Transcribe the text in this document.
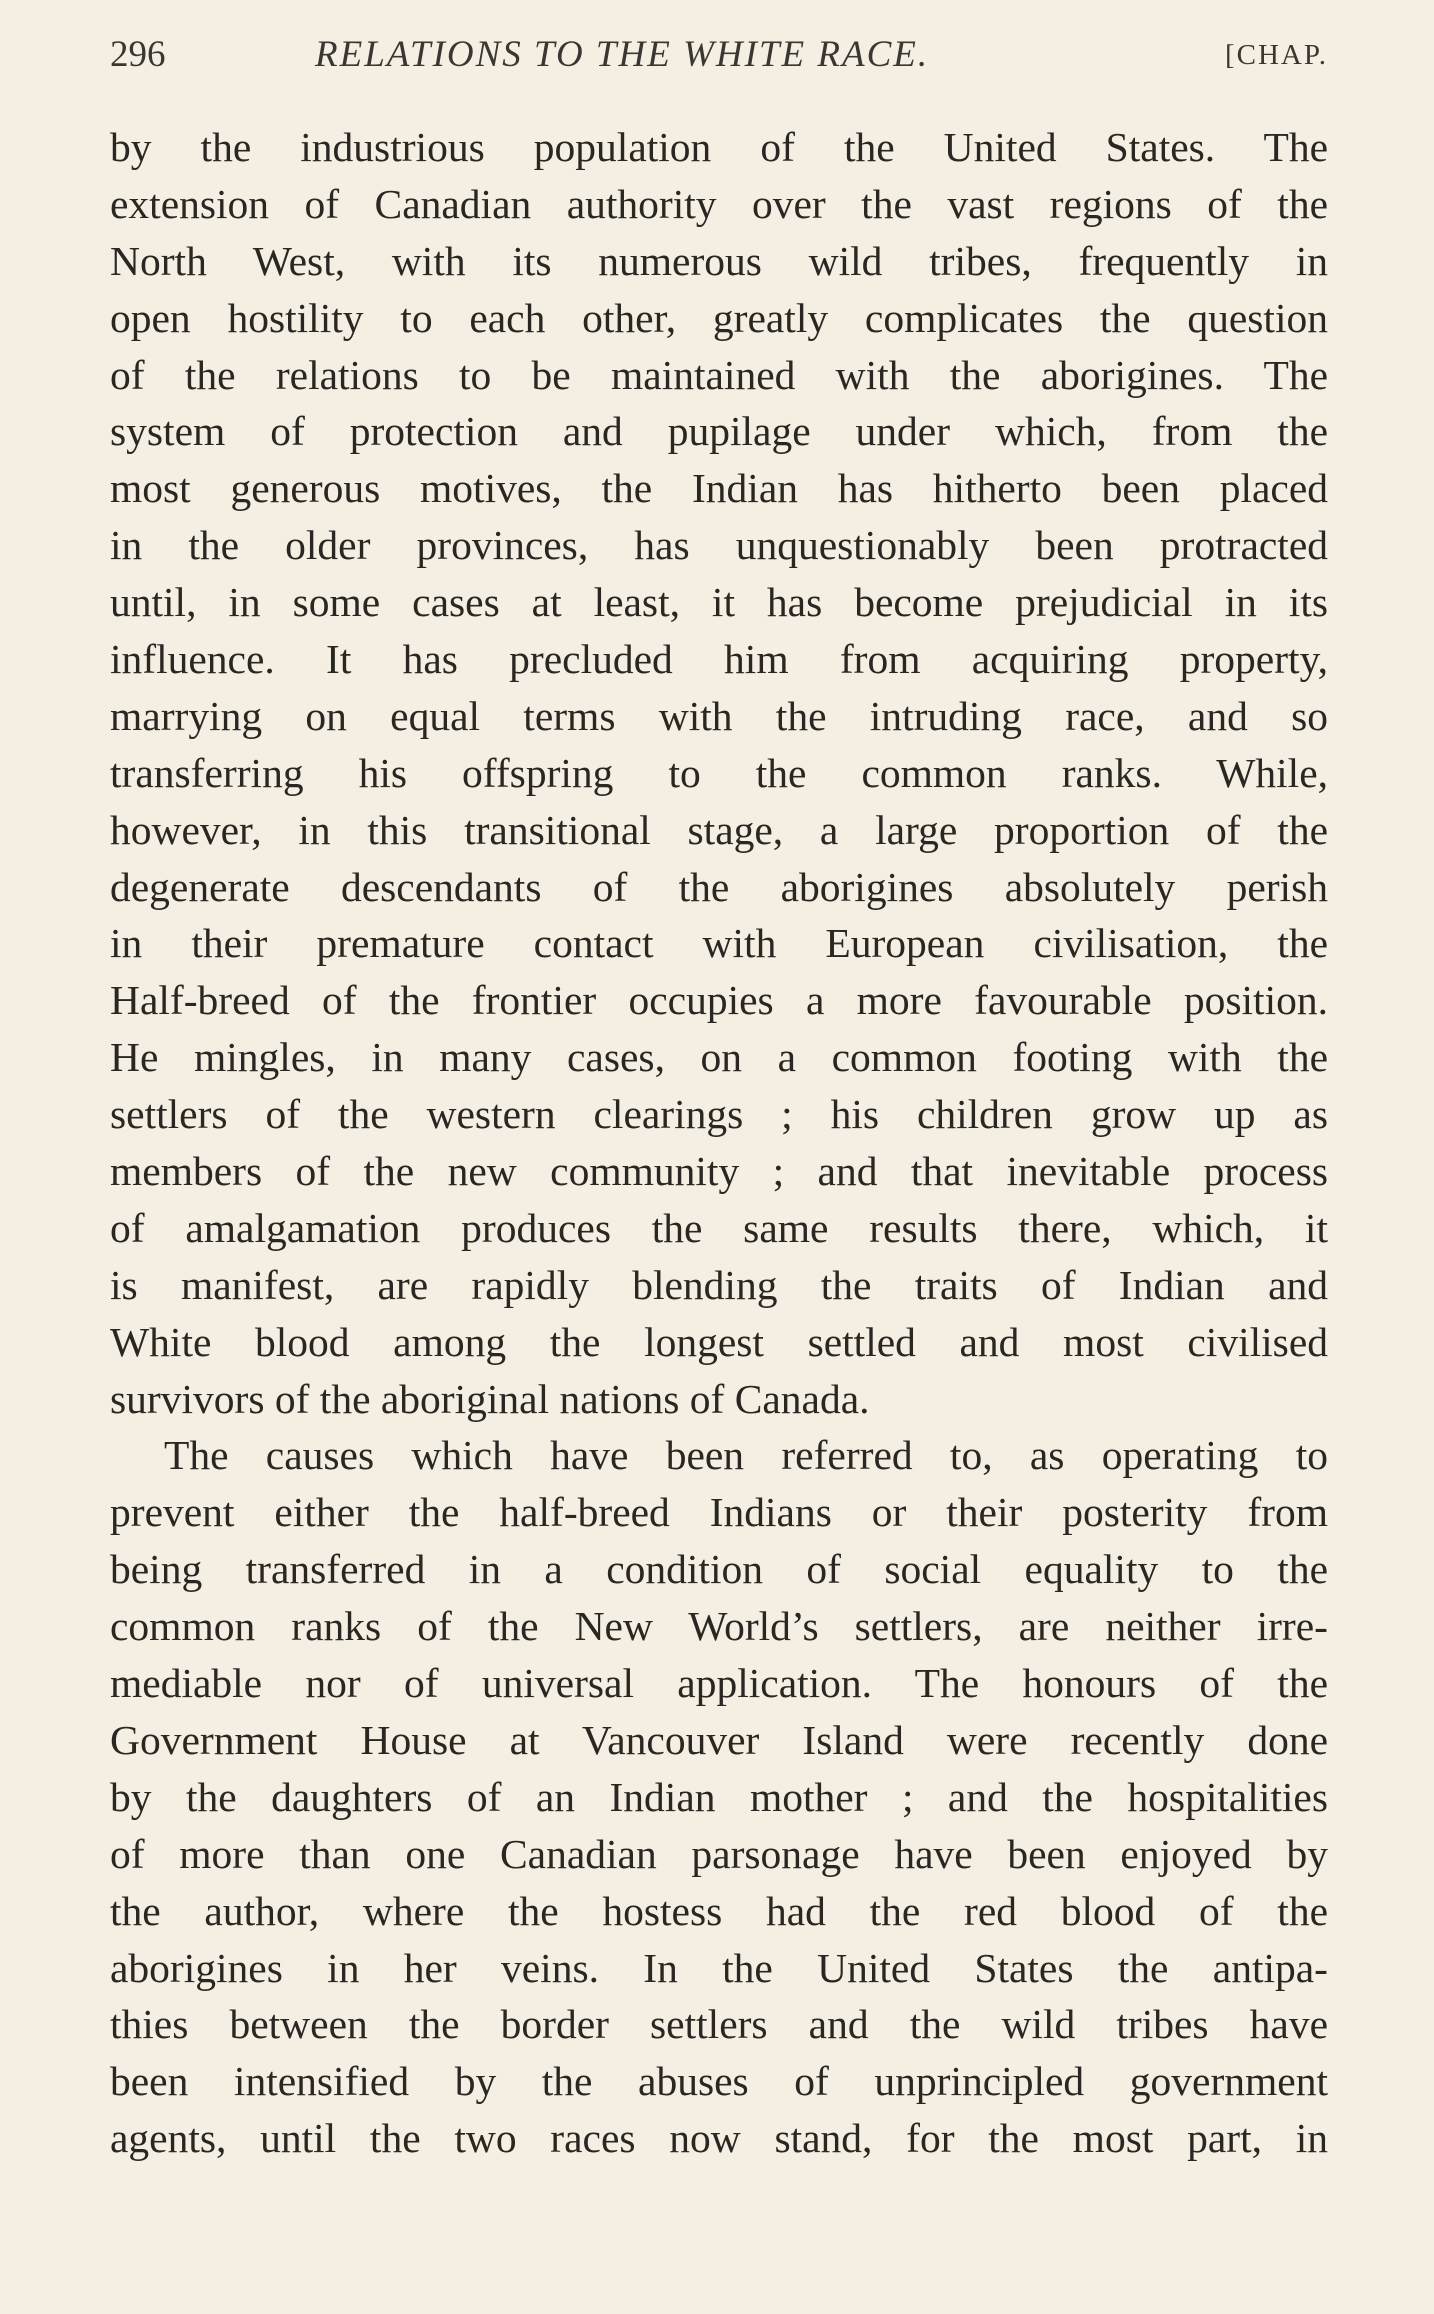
296	RELATIONS TO THE WHITE RACE.	[CHAP.
by the industrious population of the United States. The
extension of Canadian authority over the vast regions of the
North West, with its numerous wild tribes, frequently in
open hostility to each other, greatly complicates the question
of the relations to be maintained with the aborigines. The
system of protection and pupilage under which, from the
most generous motives, the Indian has hitherto been placed
in the older provinces, has unquestionably been protracted
until, in some cases at least, it has become prejudicial in its
influence. It has precluded him from acquiring property,
marrying on equal terms with the intruding race, and so
transferring his offspring to the common ranks. While,
however, in this transitional stage, a large proportion of the
degenerate descendants of the aborigines absolutely perish
in their premature contact with European civilisation, the
Half-breed of the frontier occupies a more favourable position.
He mingles, in many cases, on a common footing with the
settlers of the western clearings ; his children grow up as
members of the new community ; and that inevitable process
of amalgamation produces the same results there, which, it
is manifest, are rapidly blending the traits of Indian and
White blood among the longest settled and most civilised
survivors of the aboriginal nations of Canada.
The causes which have been referred to, as operating to
prevent either the half-breed Indians or their posterity from
being transferred in a condition of social equality to the
common ranks of the New World’s settlers, are neither irre-
mediable nor of universal application. The honours of the
Government House at Vancouver Island were recently done
by the daughters of an Indian mother ; and the hospitalities
of more than one Canadian parsonage have been enjoyed by
the author, where the hostess had the red blood of the
aborigines in her veins. In the United States the antipa-
thies between the border settlers and the wild tribes have
been intensified by the abuses of unprincipled government
agents, until the two races now stand, for the most part, in
